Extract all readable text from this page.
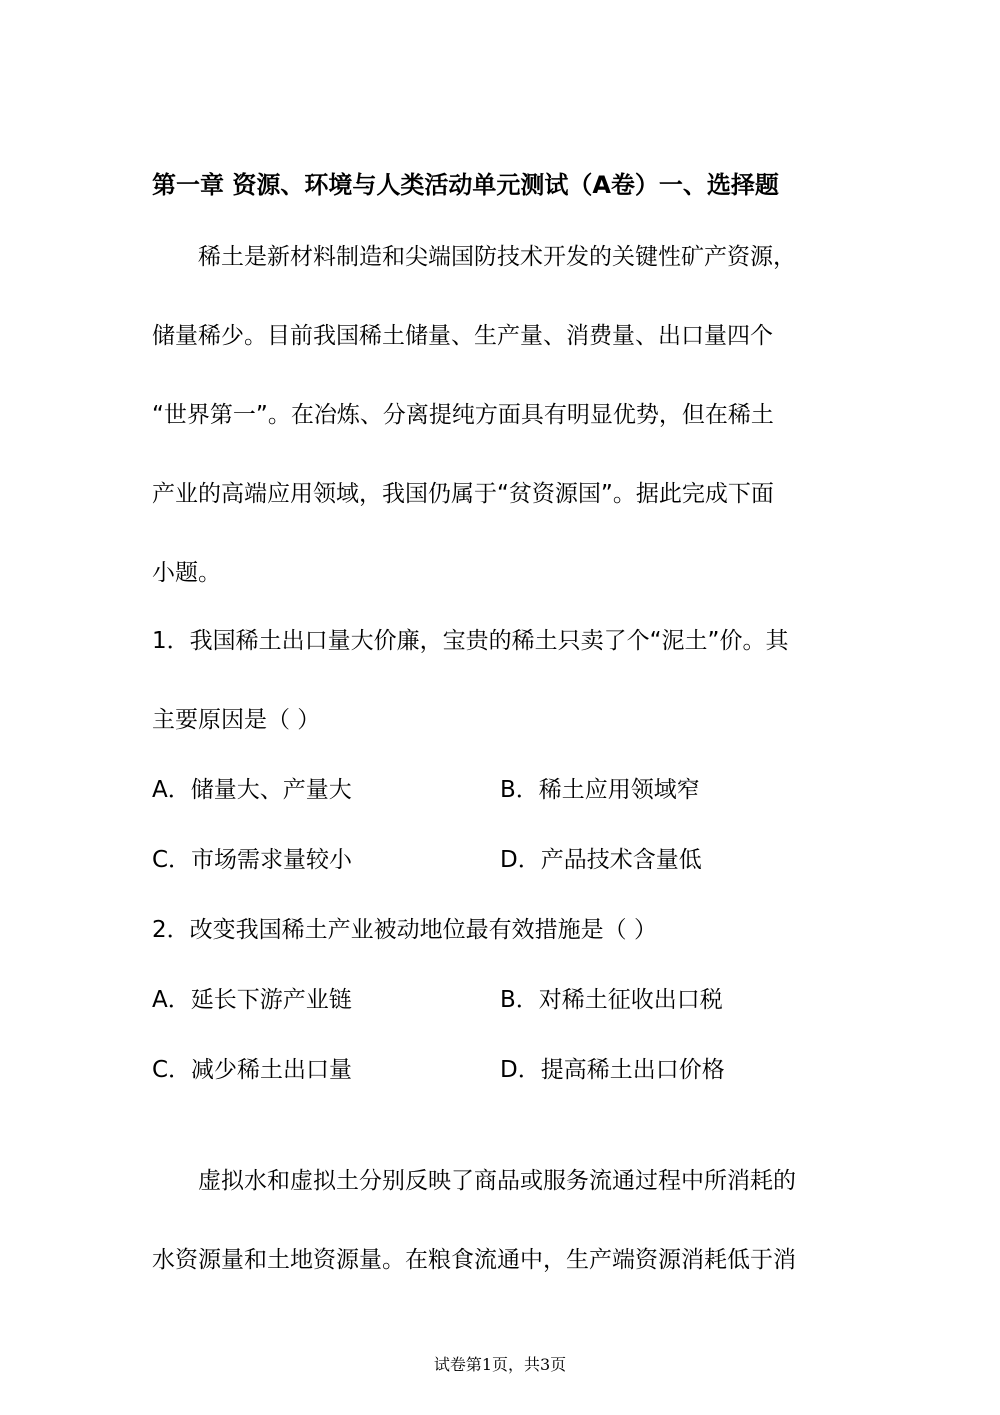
第一章 资源、环境与人类活动单元测试（A卷）一、选择题

稀土是新材料制造和尖端国防技术开发的关键性矿产资源，

储量稀少。目前我国稀土储量、生产量、消费量、出口量四个

“世界第一”。在冶炼、分离提纯方面具有明显优势，但在稀土

产业的高端应用领域，我国仍属于“贫资源国”。据此完成下面

小题。

1．我国稀土出口量大价廉，宝贵的稀土只卖了个“泥土”价。其

主要原因是（ ）

A．储量大、产量大	B．稀土应用领域窄

C．市场需求量较小	D．产品技术含量低

2．改变我国稀土产业被动地位最有效措施是（ ）

A．延长下游产业链	B．对稀土征收出口税

C．减少稀土出口量	D．提高稀土出口价格

虚拟水和虚拟土分别反映了商品或服务流通过程中所消耗的

水资源量和土地资源量。在粮食流通中，生产端资源消耗低于消

试卷第1页，共3页
